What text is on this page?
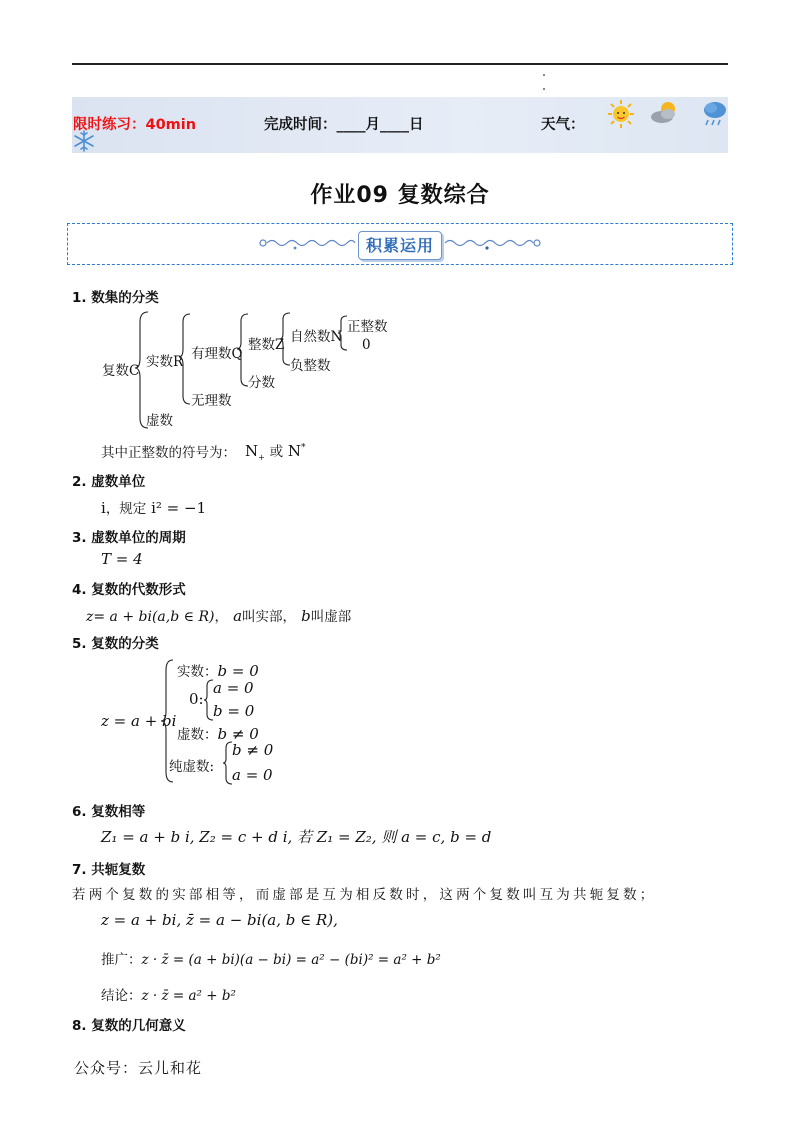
限时练习：40min	完成时间：____月____日	天气：
作业09 复数综合
积累运用
1. 数集的分类
复数C
实数R
虚数
有理数Q
无理数
整数Z
分数
自然数N
负整数
正整数
0
其中正整数的符号为： $N_+$ 或 N*
2. 虚数单位
i，规定 i² = −1
3. 虚数单位的周期
T = 4
4. 复数的代数形式
z= a + bi(a,b ∈ R)， a叫实部， b叫虚部
5. 复数的分类
z = a + bi
实数：b = 0
0:
a = 0
b = 0
虚数：b ≠ 0
纯虚数:
b ≠ 0
a = 0
6. 复数相等
Z₁ = a + b i, Z₂ = c + d i, 若 Z₁ = Z₂, 则 a = c, b = d
7. 共轭复数
若两个复数的实部相等，而虚部是互为相反数时，这两个复数叫互为共轭复数；
z = a + bi, z̄ = a − bi(a, b ∈ R),
推广：z · z̄ = (a + bi)(a − bi) = a² − (bi)² = a² + b²
结论：z · z̄ = a² + b²
8. 复数的几何意义
公众号：云儿和花
